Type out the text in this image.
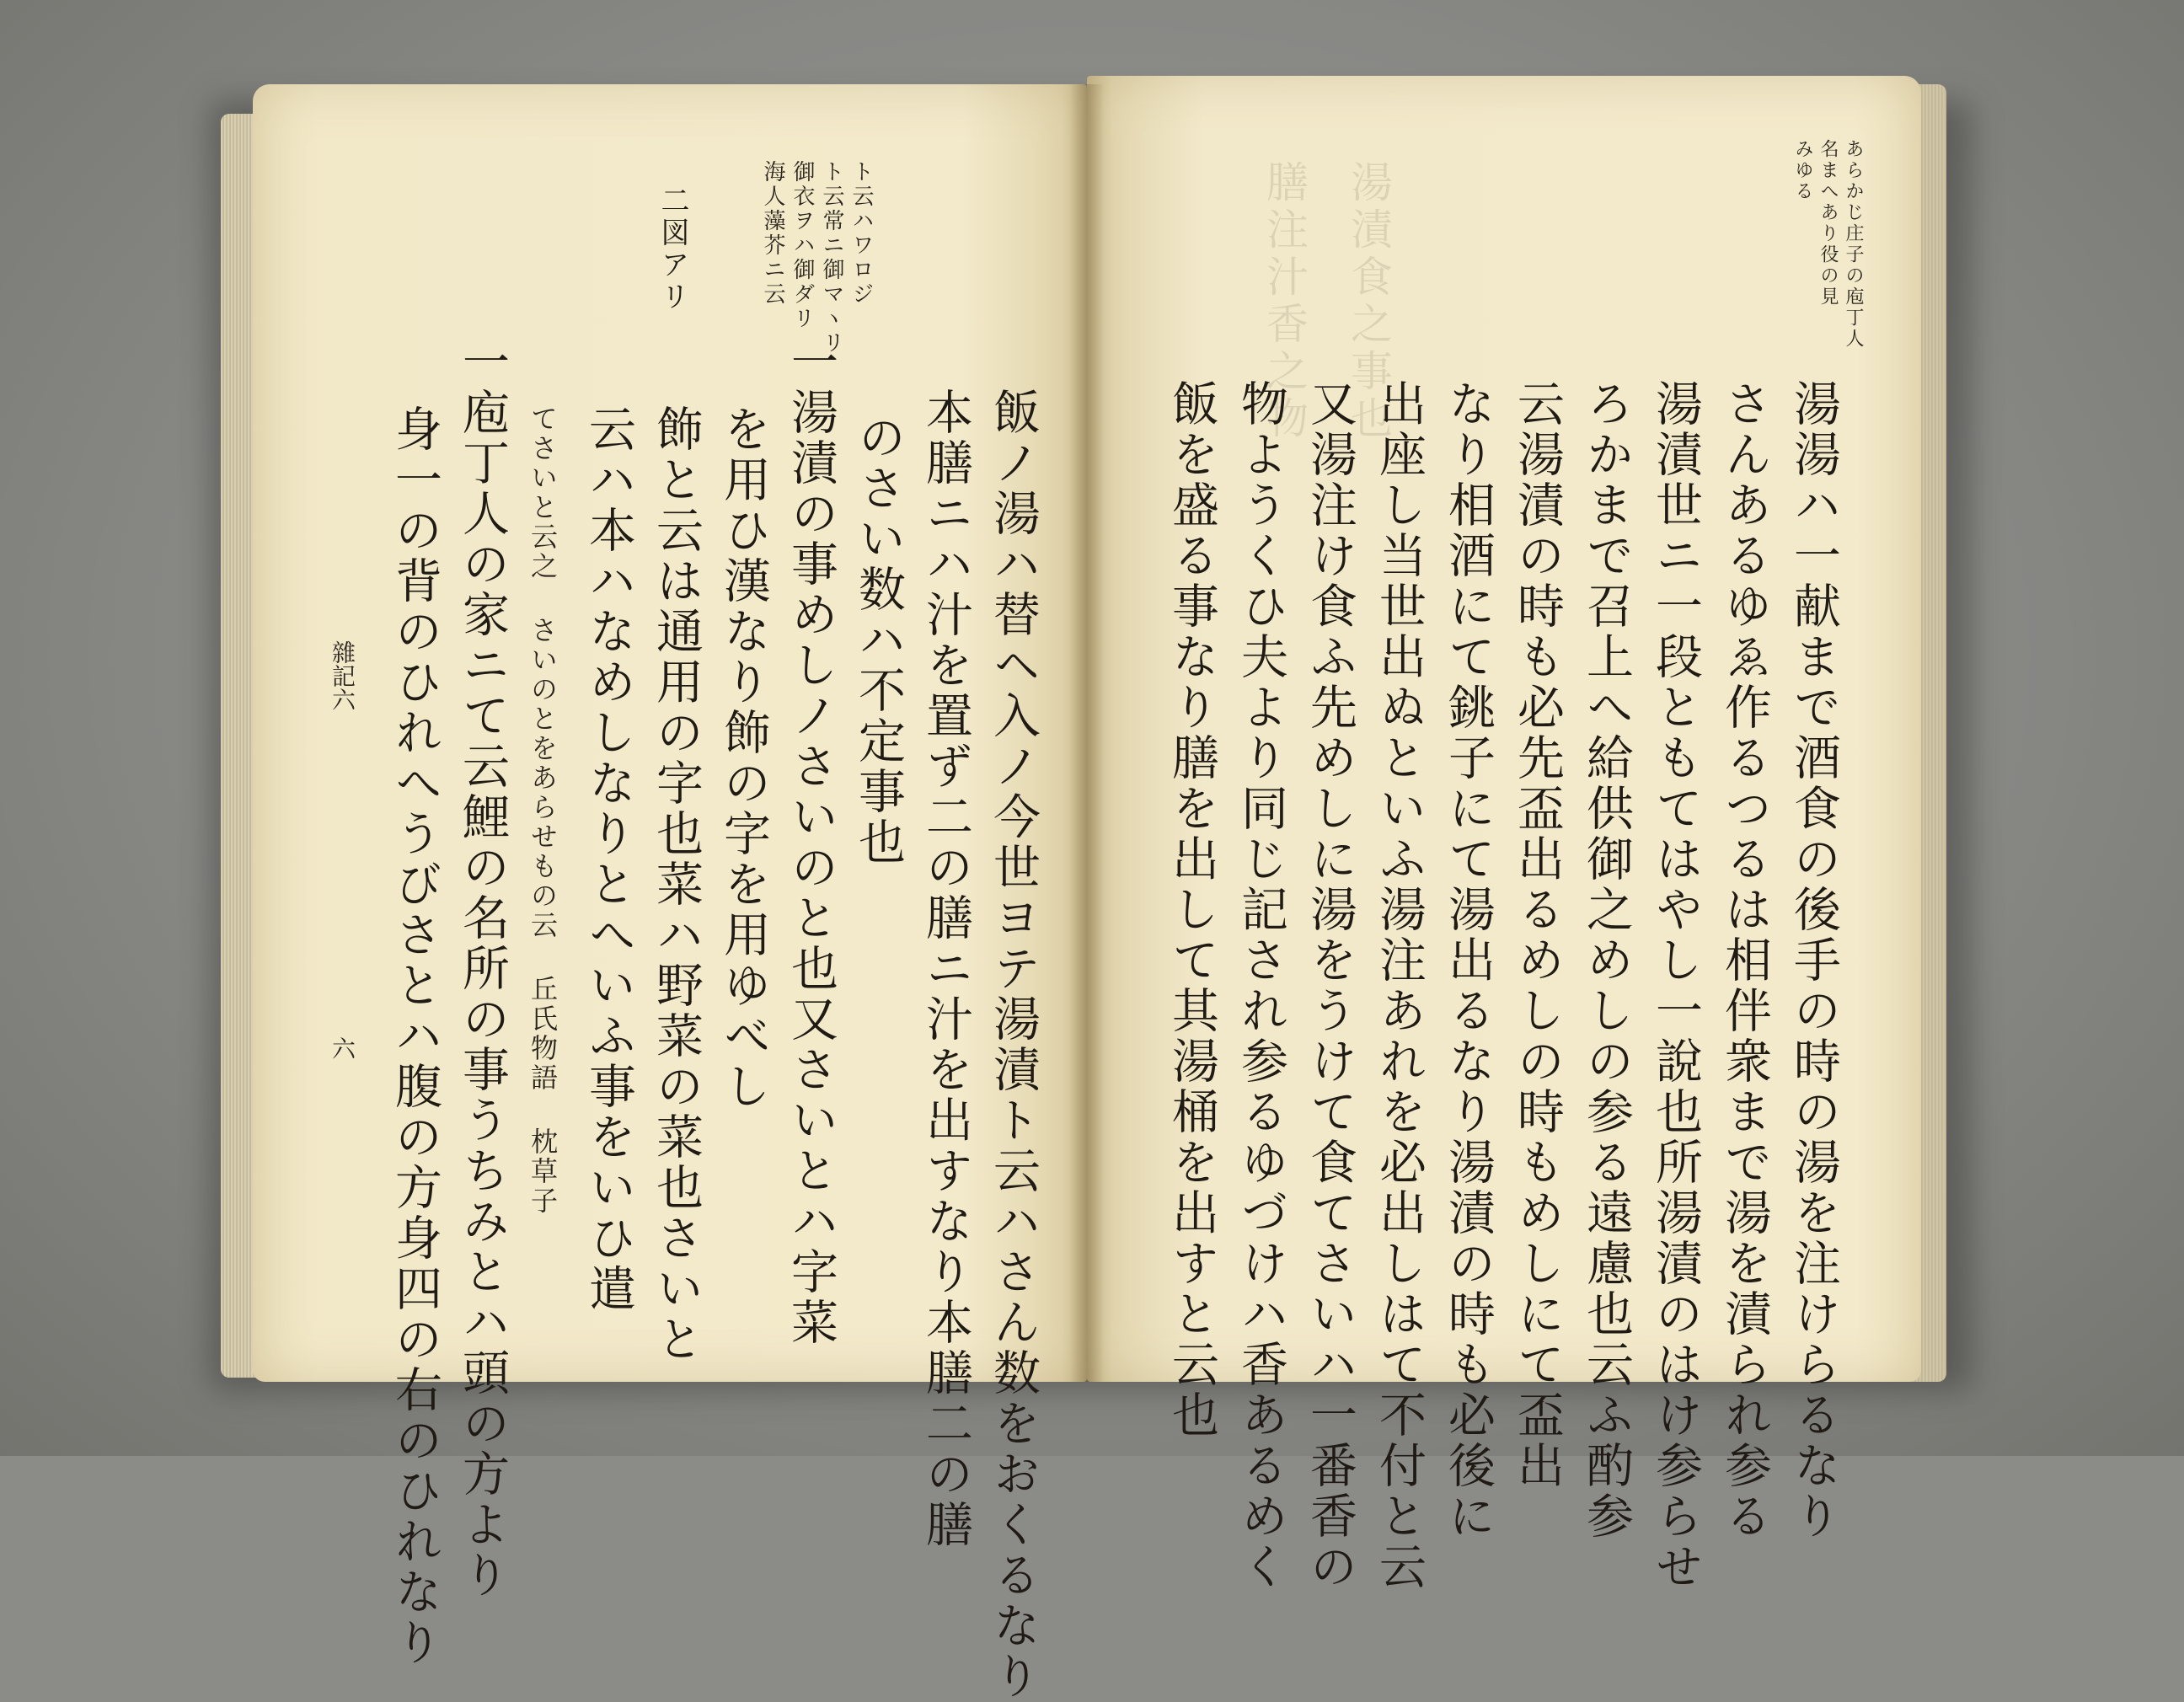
二図アリ	海人藻芥ニ云 御衣ヲハ御ダリ ト云常ニ御マヽリ ト云ハワロジ
飯ノ湯ハ替ヘ入ノ今世ヨテ湯漬ト云ハさん数をおくるなり
本膳ニハ汁を置ず二の膳ニ汁を出すなり本膳二の膳
のさい数ハ不定事也
一湯漬の事めしノさいのと也又さいとハ字菜
を用ひ漢なり飾の字を用ゆべし
飾と云は通用の字也菜ハ野菜の菜也さいと
云ハ本ハなめしなりとへいふ事をいひ遣
てさいと云之 さいのとをあらせもの云 丘氏物語 枕草子
一庖丁人の家ニて云鯉の名所の事うちみとハ頭の方より
身一の背のひれへうびさとハ腹の方身四の右のひれなり
雜記六
六
湯漬食之事也
膳注汁香之物	あらかじ庄子の庖丁人
名まへあり役の見
みゆる
湯湯ハ一献まで酒食の後手の時の湯を注けらるなり
さんあるゆゑ作るつるは相伴衆まで湯を漬られ参る
湯漬世ニ一段ともてはやし一說也所湯漬のはけ参らせ
ろかまで召上へ給供御之めしの参る遠慮也云ふ酌参
云湯漬の時も必先盃出るめしの時もめしにて盃出
なり相酒にて銚子にて湯出るなり湯漬の時も必後に
出座し当世出ぬといふ湯注あれを必出しはて不付と云
又湯注け食ふ先めしに湯をうけて食てさいハ一番香の
物ようくひ夫より同じ記され参るゆづけハ香あるめく
飯を盛る事なり膳を出して其湯桶を出すと云也
